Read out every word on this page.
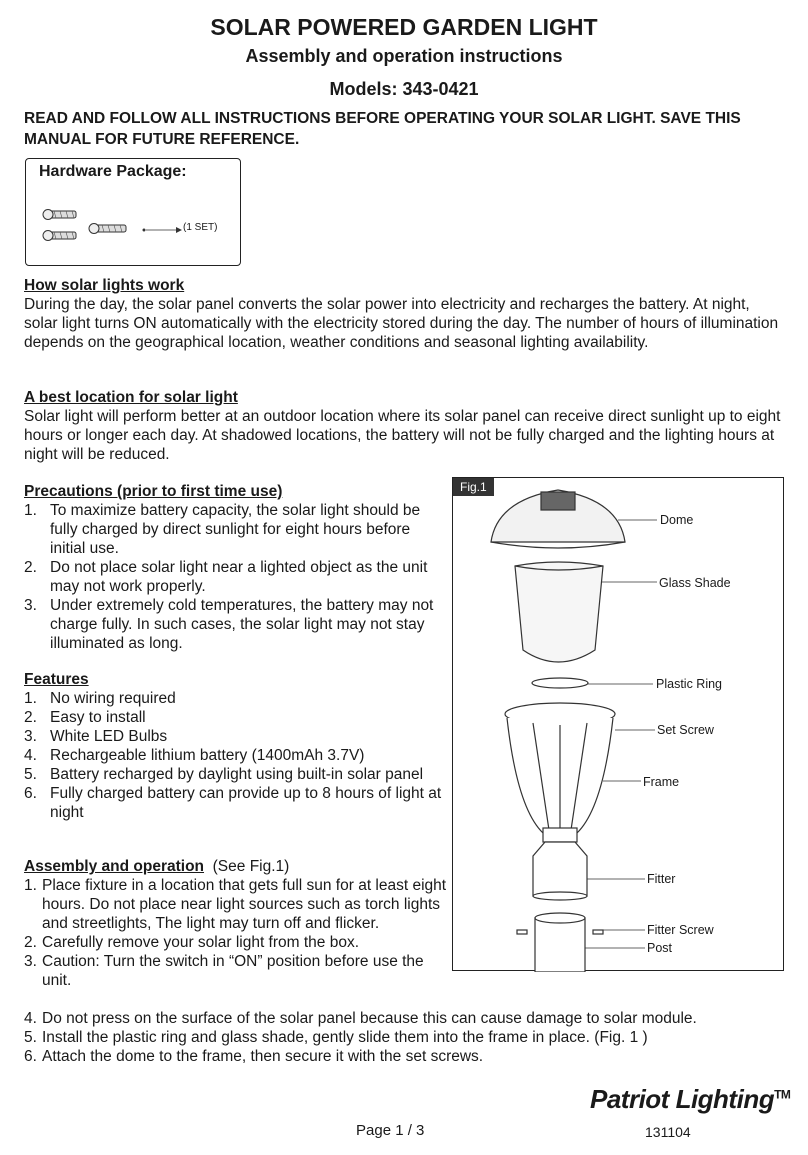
SOLAR POWERED GARDEN LIGHT
Assembly and operation instructions
Models: 343-0421

READ AND FOLLOW ALL INSTRUCTIONS BEFORE OPERATING YOUR SOLAR LIGHT. SAVE THIS MANUAL FOR FUTURE REFERENCE.

Hardware Package:
(1 SET)
How solar lights work

During the day, the solar panel converts the solar power into electricity and recharges the battery. At night, solar light turns ON automatically with the electricity stored during the day. The number of hours of illumination depends on the geographical location, weather conditions and seasonal lighting availability.

A best location for solar light

Solar light will perform better at an outdoor location where its solar panel can receive direct sunlight up to eight hours or longer each day. At shadowed locations, the battery will not be fully charged and the lighting hours at night will be reduced.

Precautions (prior to first time use)
1. To maximize battery capacity, the solar light should be fully charged by direct sunlight for eight hours before initial use.
2. Do not place solar light near a lighted object as the unit may not work properly.
3. Under extremely cold temperatures, the battery may not charge fully. In such cases, the solar light may not stay illuminated as long.
Features
1. No wiring required
2. Easy to install
3. White LED Bulbs
4. Rechargeable lithium battery (1400mAh 3.7V)
5. Battery recharged by daylight using built-in solar panel
6. Fully charged battery can provide up to 8 hours of light at night
Assembly and operation (See Fig.1)
1. Place fixture in a location that gets full sun for at least eight hours. Do not place near light sources such as torch lights and streetlights, The light may turn off and flicker.
2. Carefully remove your solar light from the box.
3. Caution: Turn the switch in “ON” position before use the unit.
4. Do not press on the surface of the solar panel because this can cause damage to solar module.
5. Install the plastic ring and glass shade, gently slide them into the frame in place. (Fig. 1 )
6. Attach the dome to the frame, then secure it with the set screws.
Fig.1
Dome
Glass Shade
Plastic Ring
Set Screw
Frame
Fitter
Fitter Screw
Post
Patriot Lighting™
Page 1 / 3	131104
